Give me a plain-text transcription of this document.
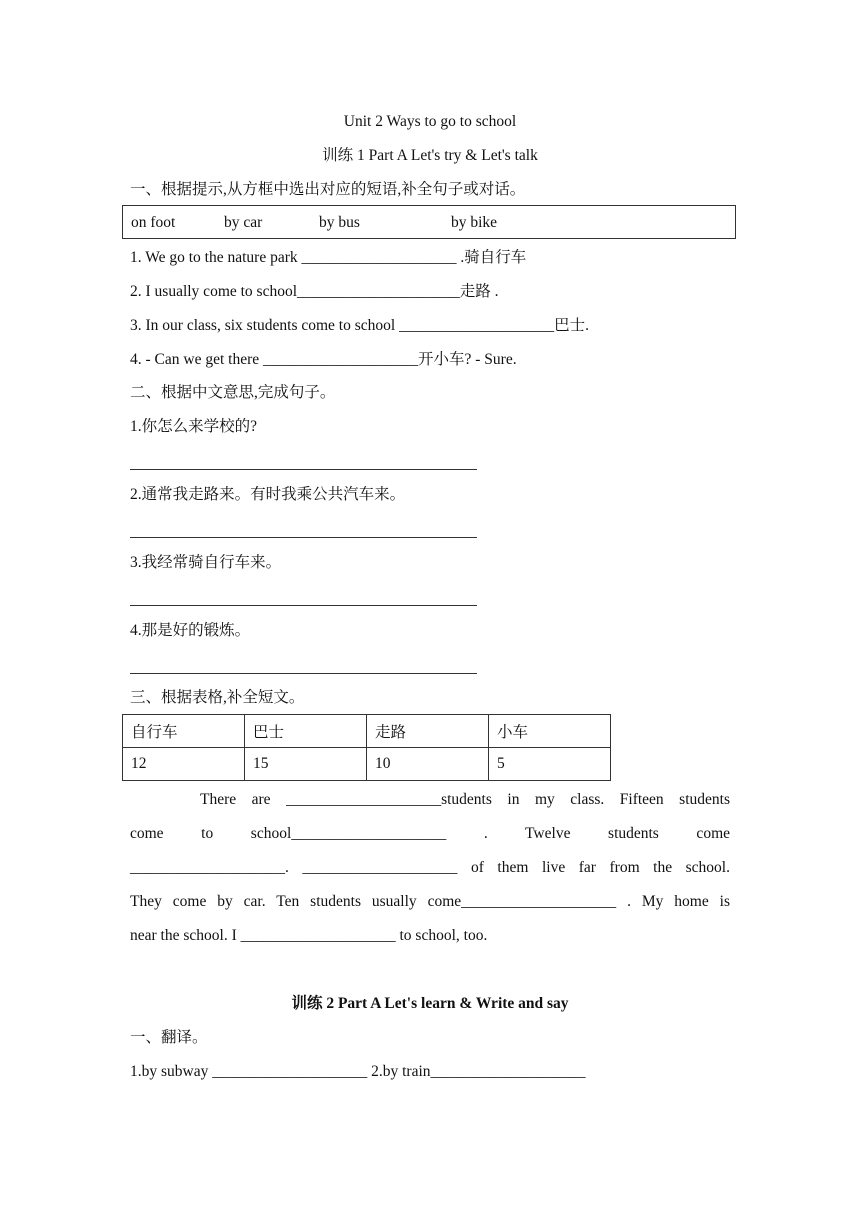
Unit 2 Ways to go to school
训练 1 Part A Let's try & Let's talk
一、根据提示,从方框中选出对应的短语,补全句子或对话。
on foot	by car	by bus	by bike
1. We go to the nature park ____________________ .骑自行车
2. I usually come to school_____________________走路 .
3. In our class, six students come to school ____________________巴士.
4. - Can we get there ____________________开小车? - Sure.
二、根据中文意思,完成句子。
1.你怎么来学校的?
2.通常我走路来。有时我乘公共汽车来。
3.我经常骑自行车来。
4.那是好的锻炼。
三、根据表格,补全短文。
自行车	巴士	走路	小车
12	15	10	5
There are ____________________students in my class. Fifteen students
come to school____________________ . Twelve students come
____________________. ____________________ of them live far from the school.
They come by car. Ten students usually come____________________ . My home is
near the school. I ____________________ to school, too.
训练 2 Part A Let's learn & Write and say
一、翻译。
1.by subway ____________________ 2.by train____________________
